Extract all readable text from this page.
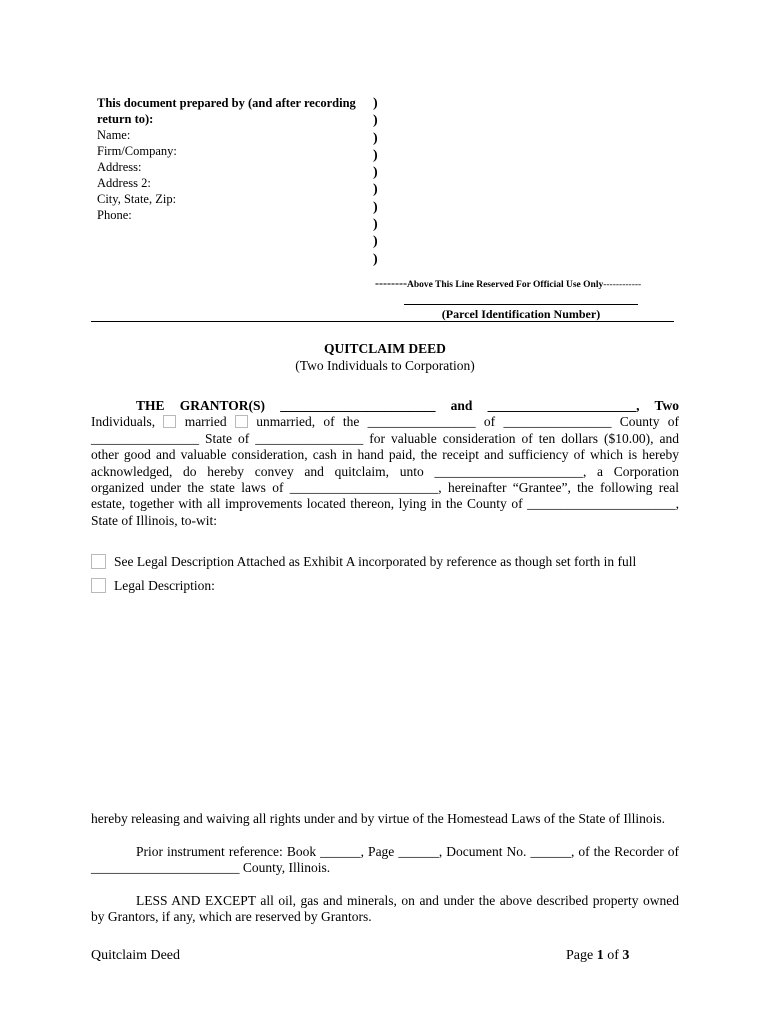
This document prepared by (and after recording
return to):
Name:
Firm/Company:
Address:
Address 2:
City, State, Zip:
Phone:
)
)
)
)
)
)
)
)
)
)
--------Above This Line Reserved For Official Use Only------------
(Parcel Identification Number)
QUITCLAIM DEED
(Two Individuals to Corporation)
THE GRANTOR(S) _______________________ and ______________________, Two
Individuals, married unmarried, of the ________________ of ________________ County of
________________ State of ________________ for valuable consideration of ten dollars ($10.00), and
other good and valuable consideration, cash in hand paid, the receipt and sufficiency of which is hereby
acknowledged, do hereby convey and quitclaim, unto ______________________, a Corporation
organized under the state laws of ______________________, hereinafter “Grantee”, the following real
estate, together with all improvements located thereon, lying in the County of ______________________,
State of Illinois, to-wit:
See Legal Description Attached as Exhibit A incorporated by reference as though set forth in full
Legal Description:
hereby releasing and waiving all rights under and by virtue of the Homestead Laws of the State of Illinois.
Prior instrument reference: Book ______, Page ______, Document No. ______, of the Recorder of
______________________ County, Illinois.
LESS AND EXCEPT all oil, gas and minerals, on and under the above described property owned
by Grantors, if any, which are reserved by Grantors.
Quitclaim Deed	Page 1 of 3
